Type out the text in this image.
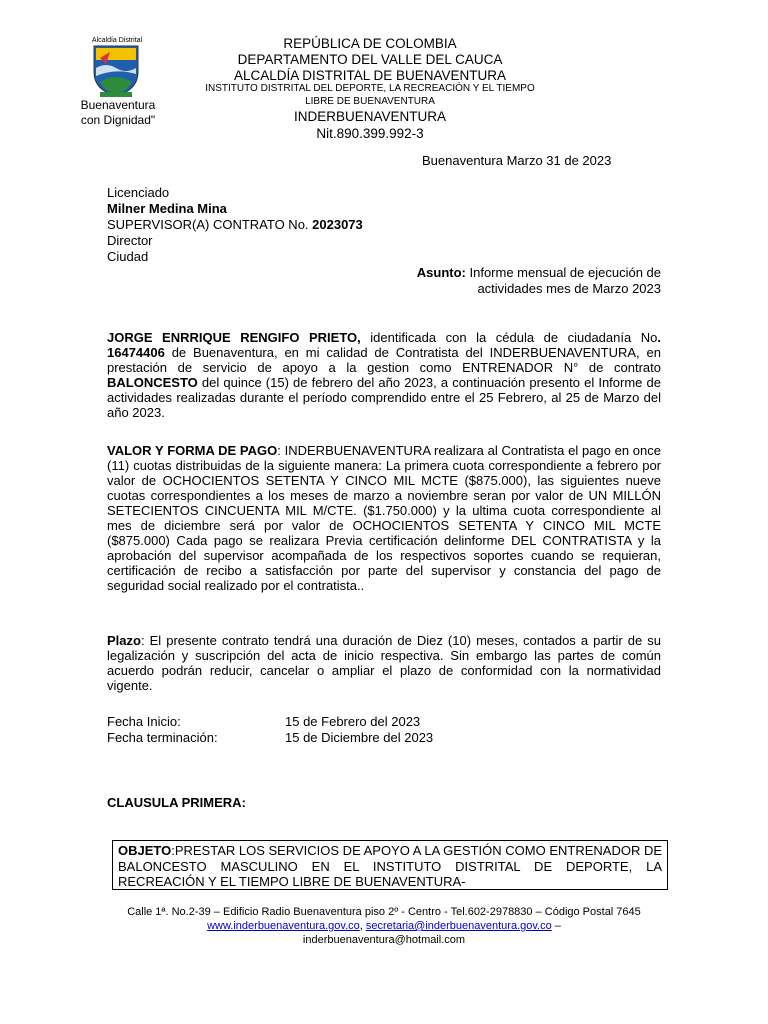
Alcaldía Distrital
Buenaventura
con Dignidad"
REPÚBLICA DE COLOMBIA
DEPARTAMENTO DEL VALLE DEL CAUCA
ALCALDÍA DISTRITAL DE BUENAVENTURA
INSTITUTO DISTRITAL DEL DEPORTE, LA RECREACIÓN Y EL TIEMPO
LIBRE DE BUENAVENTURA
INDERBUENAVENTURA
Nit.890.399.992-3
Buenaventura Marzo 31 de 2023
Licenciado
Milner Medina Mina
SUPERVISOR(A) CONTRATO No. 2023073
Director
Ciudad
Asunto: Informe mensual de ejecución de
actividades mes de Marzo 2023
JORGE ENRRIQUE RENGIFO PRIETO, identificada con la cédula de ciudadanía No. 16474406 de Buenaventura, en mi calidad de Contratista del INDERBUENAVENTURA, en prestación de servicio de apoyo a la gestion como ENTRENADOR N° de contrato BALONCESTO del quince (15) de febrero del año 2023, a continuación presento el Informe de actividades realizadas durante el período comprendido entre el 25 Febrero, al 25 de Marzo del año 2023.
VALOR Y FORMA DE PAGO: INDERBUENAVENTURA realizara al Contratista el pago en once (11) cuotas distribuidas de la siguiente manera: La primera cuota correspondiente a febrero por valor de OCHOCIENTOS SETENTA Y CINCO MIL MCTE ($875.000), las siguientes nueve cuotas correspondientes a los meses de marzo a noviembre seran por valor de UN MILLÓN SETECIENTOS CINCUENTA MIL M/CTE. ($1.750.000) y la ultima cuota correspondiente al mes de diciembre será por valor de OCHOCIENTOS SETENTA Y CINCO MIL MCTE ($875.000) Cada pago se realizara Previa certificación delinforme DEL CONTRATISTA y la aprobación del supervisor acompañada de los respectivos soportes cuando se requieran, certificación de recibo a satisfacción por parte del supervisor y constancia del pago de seguridad social realizado por el contratista..
Plazo: El presente contrato tendrá una duración de Diez (10) meses, contados a partir de su legalización y suscripción del acta de inicio respectiva. Sin embargo las partes de común acuerdo podrán reducir, cancelar o ampliar el plazo de conformidad con la normatividad vigente.
Fecha Inicio:	15 de Febrero del 2023
Fecha terminación:	15 de Diciembre del 2023
CLAUSULA PRIMERA:
OBJETO:PRESTAR LOS SERVICIOS DE APOYO A LA GESTIÓN COMO ENTRENADOR DE BALONCESTO MASCULINO EN EL INSTITUTO DISTRITAL DE DEPORTE, LA RECREACIÓN Y EL TIEMPO LIBRE DE BUENAVENTURA-
Calle 1ª. No.2-39 – Edificio Radio Buenaventura piso 2º - Centro - Tel.602-2978830 – Código Postal 7645
www.inderbuenaventura.gov.co, secretaria@inderbuenaventura.gov.co –
inderbuenaventura@hotmail.com
